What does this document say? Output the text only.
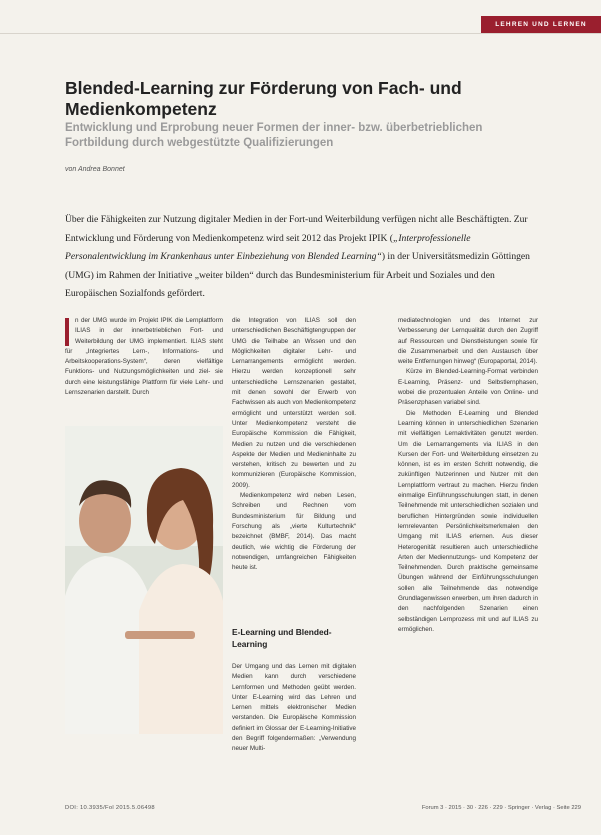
LEHREN UND LERNEN
Blended-Learning zur Förderung von Fach- und Medienkompetenz
Entwicklung und Erprobung neuer Formen der inner- bzw. überbetrieblichen Fortbildung durch webgestützte Qualifizierungen
von Andrea Bonnet

Über die Fähigkeiten zur Nutzung digitaler Medien in der Fort-und Weiterbildung verfügen nicht alle Beschäftigten. Zur Entwicklung und Förderung von Medienkompetenz wird seit 2012 das Projekt IPIK („Interprofessionelle Personalentwicklung im Krankenhaus unter Einbeziehung von Blended Learning“) in der Universitätsmedizin Göttingen (UMG) im Rahmen der Initiative „weiter bilden“ durch das Bundesministerium für Arbeit und Soziales und den Europäischen Sozialfonds gefördert.

n der UMG wurde im Projekt IPIK die Lernplattform ILIAS in der innerbetrieblichen Fort- und Weiterbildung der UMG implementiert. ILIAS steht für „Integriertes Lern-, Informations- und Arbeitskooperations-System“, deren vielfältige Funktions- und Nutzungsmöglichkeiten und ziel- sie durch eine leistungsfähige Plattform für viele Lehr- und Lernszenarien darstellt. Durch

die Integration von ILIAS soll den unterschiedlichen Beschäftigtengruppen der UMG die Teilhabe an Wissen und den Möglichkeiten digitaler Lehr- und Lernarrangements ermöglicht werden. Hierzu werden konzeptionell sehr unterschiedliche Lernszenarien gestaltet, mit denen sowohl der Erwerb von Fachwissen als auch von Medienkompetenz ermöglicht und unterstützt werden soll. Unter Medienkompetenz versteht die Europäische Kommission die Fähigkeit, Medien zu nutzen und die verschiedenen Aspekte der Medien und Medieninhalte zu verstehen, kritisch zu bewerten und zu kommunizieren (Europäische Kommission, 2009).

Medienkompetenz wird neben Lesen, Schreiben und Rechnen vom Bundesministerium für Bildung und Forschung als „vierte Kulturtechnik“ bezeichnet (BMBF, 2014). Das macht deutlich, wie wichtig die Förderung der notwendigen, umfangreichen Fähigkeiten heute ist.

E-Learning und Blended-Learning

Der Umgang und das Lernen mit digitalen Medien kann durch verschiedene Lernformen und Methoden geübt werden. Unter E-Learning wird das Lehren und Lernen mittels elektronischer Medien verstanden. Die Europäische Kommission definiert im Glossar der E-Learning-Initiative den Begriff folgendermaßen: „Verwendung neuer Multi-

mediatechnologien und des Internet zur Verbesserung der Lernqualität durch den Zugriff auf Ressourcen und Dienstleistungen sowie für die Zusammenarbeit und den Austausch über weite Entfernungen hinweg“ (Europaportal, 2014).

Kürze im Blended-Learning-Format verbinden E-Learning, Präsenz- und Selbstlernphasen, wobei die prozentualen Anteile von Online- und Präsenzphasen variabel sind.

Die Methoden E-Learning und Blended Learning können in unterschiedlichen Szenarien mit vielfältigen Lernaktivitäten genutzt werden. Um die Lernarrangements via ILIAS in den Kursen der Fort- und Weiterbildung einsetzen zu können, ist es im ersten Schritt notwendig, die zukünftigen Nutzerinnen und Nutzer mit den Lernplattform vertraut zu machen. Hierzu finden einmalige Einführungsschulungen statt, in denen Teilnehmende mit unterschiedlichen sozialen und beruflichen Hintergründen sowie individuellen lernrelevanten Persönlichkeitsmerkmalen den Umgang mit ILIAS erlernen. Aus dieser Heterogenität resultieren auch unterschiedliche Arten der Mediennutzungs- und Kompetenz der Teilnehmenden. Durch praktische gemeinsame Übungen während der Einführungsschulungen sollen alle Teilnehmende das notwendige Grundlagenwissen erwerben, um ihren dadurch in den nachfolgenden Szenarien einen selbständigen Lernprozess mit und auf ILIAS zu ermöglichen.

DOI: 10.3935/Fol 2015.5.06498	Forum 3 · 2015 · 30 · 226 · 229 · Springer · Verlag · Seite 229
